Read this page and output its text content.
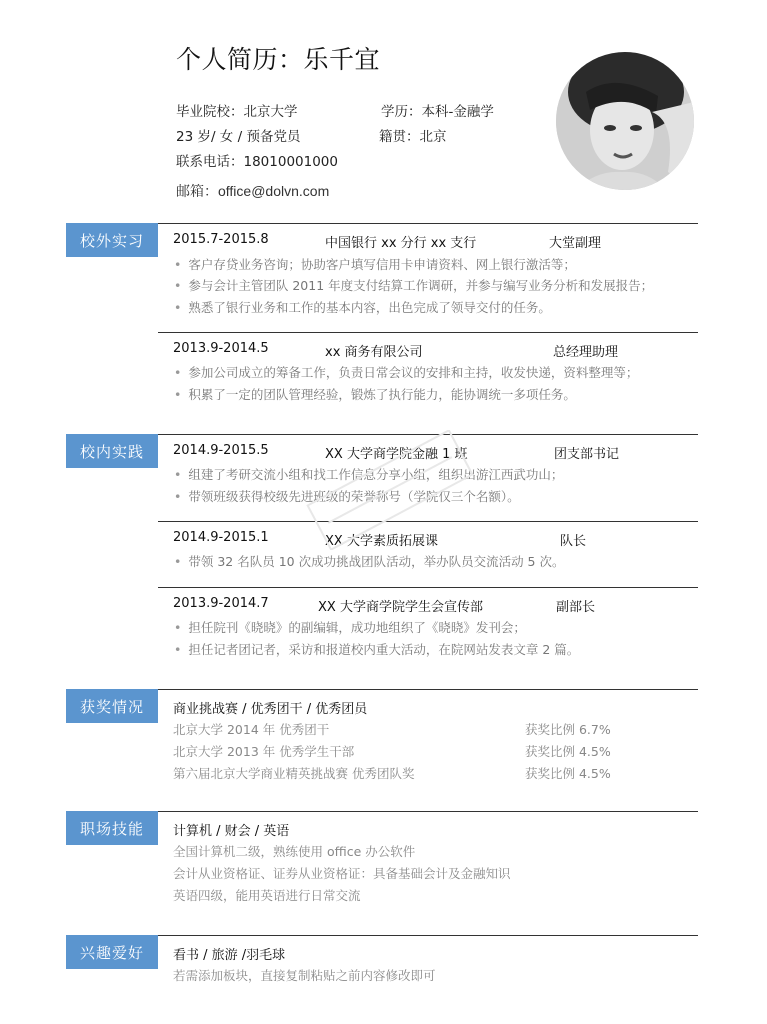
个人简历：乐千宜
毕业院校：北京大学	学历：本科-金融学
23 岁/ 女 / 预备党员	籍贯：北京
联系电话：18010001000
邮箱：office@dolvn.com
校外实习	2015.7-2015.8	中国银行 xx 分行 xx 支行	大堂副理
• 客户存贷业务咨询；协助客户填写信用卡申请资料、网上银行激活等；
• 参与会计主管团队 2011 年度支付结算工作调研，并参与编写业务分析和发展报告；
• 熟悉了银行业务和工作的基本内容，出色完成了领导交付的任务。
2013.9-2014.5	xx 商务有限公司	总经理助理
• 参加公司成立的筹备工作，负责日常会议的安排和主持，收发快递，资料整理等；
• 积累了一定的团队管理经验，锻炼了执行能力，能协调统一多项任务。
校内实践	2014.9-2015.5	XX 大学商学院金融 1 班	团支部书记
• 组建了考研交流小组和找工作信息分享小组，组织出游江西武功山；
• 带领班级获得校级先进班级的荣誉称号（学院仅三个名额）。
2014.9-2015.1	XX 大学素质拓展课	队长
• 带领 32 名队员 10 次成功挑战团队活动，举办队员交流活动 5 次。
2013.9-2014.7	XX 大学商学院学生会宣传部	副部长
• 担任院刊《晓晓》的副编辑，成功地组织了《晓晓》发刊会；
• 担任记者团记者，采访和报道校内重大活动，在院网站发表文章 2 篇。
获奖情况	商业挑战赛 / 优秀团干 / 优秀团员
北京大学 2014 年 优秀团干	获奖比例 6.7%
北京大学 2013 年 优秀学生干部	获奖比例 4.5%
第六届北京大学商业精英挑战赛 优秀团队奖	获奖比例 4.5%
职场技能	计算机 / 财会 / 英语
全国计算机二级，熟练使用 office 办公软件
会计从业资格证、证券从业资格证：具备基础会计及金融知识
英语四级，能用英语进行日常交流
兴趣爱好	看书 / 旅游 /羽毛球
若需添加板块，直接复制粘贴之前内容修改即可
